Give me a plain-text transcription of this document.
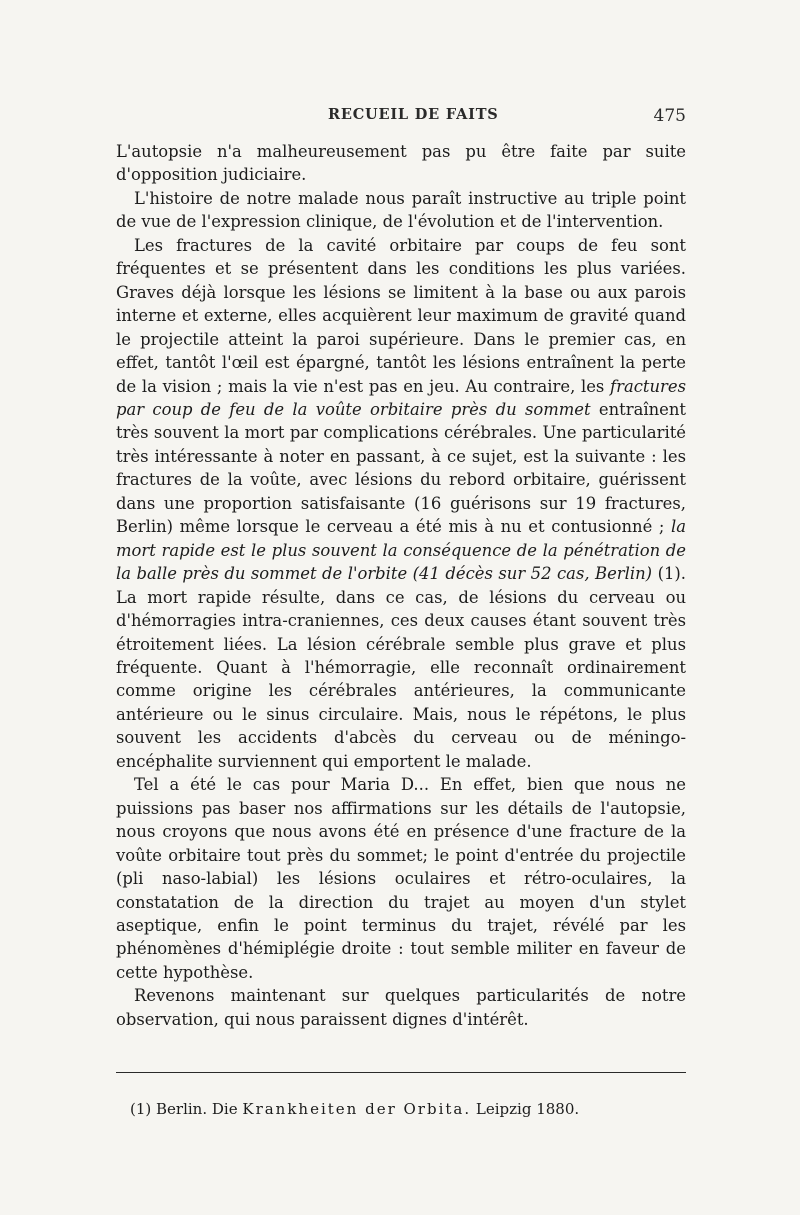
RECUEIL DE FAITS	475

L'autopsie n'a malheureusement pas pu être faite par suite d'opposition judiciaire.

L'histoire de notre malade nous paraît instructive au triple point de vue de l'expression clinique, de l'évolution et de l'intervention.

Les fractures de la cavité orbitaire par coups de feu sont fréquentes et se présentent dans les conditions les plus variées. Graves déjà lorsque les lésions se limitent à la base ou aux parois interne et externe, elles acquièrent leur maximum de gravité quand le projectile atteint la paroi supérieure. Dans le premier cas, en effet, tantôt l'œil est épargné, tantôt les lésions entraînent la perte de la vision ; mais la vie n'est pas en jeu. Au contraire, les fractures par coup de feu de la voûte orbitaire près du sommet entraînent très souvent la mort par complications cérébrales. Une particularité très intéressante à noter en passant, à ce sujet, est la suivante : les fractures de la voûte, avec lésions du rebord orbitaire, guérissent dans une proportion satisfaisante (16 guérisons sur 19 fractures, Berlin) même lorsque le cerveau a été mis à nu et contusionné ; la mort rapide est le plus souvent la conséquence de la pénétration de la balle près du sommet de l'orbite (41 décès sur 52 cas, Berlin) (1). La mort rapide résulte, dans ce cas, de lésions du cerveau ou d'hémorragies intra-craniennes, ces deux causes étant souvent très étroitement liées. La lésion cérébrale semble plus grave et plus fréquente. Quant à l'hémorragie, elle reconnaît ordinairement comme origine les cérébrales antérieures, la communicante antérieure ou le sinus circulaire. Mais, nous le répétons, le plus souvent les accidents d'abcès du cerveau ou de méningo-encéphalite surviennent qui emportent le malade.

Tel a été le cas pour Maria D... En effet, bien que nous ne puissions pas baser nos affirmations sur les détails de l'autopsie, nous croyons que nous avons été en présence d'une fracture de la voûte orbitaire tout près du sommet; le point d'entrée du projectile (pli naso-labial) les lésions oculaires et rétro-oculaires, la constatation de la direction du trajet au moyen d'un stylet aseptique, enfin le point terminus du trajet, révélé par les phénomènes d'hémiplégie droite : tout semble militer en faveur de cette hypothèse.

Revenons maintenant sur quelques particularités de notre observation, qui nous paraissent dignes d'intérêt.

(1) Berlin. Die Krankheiten der Orbita. Leipzig 1880.
